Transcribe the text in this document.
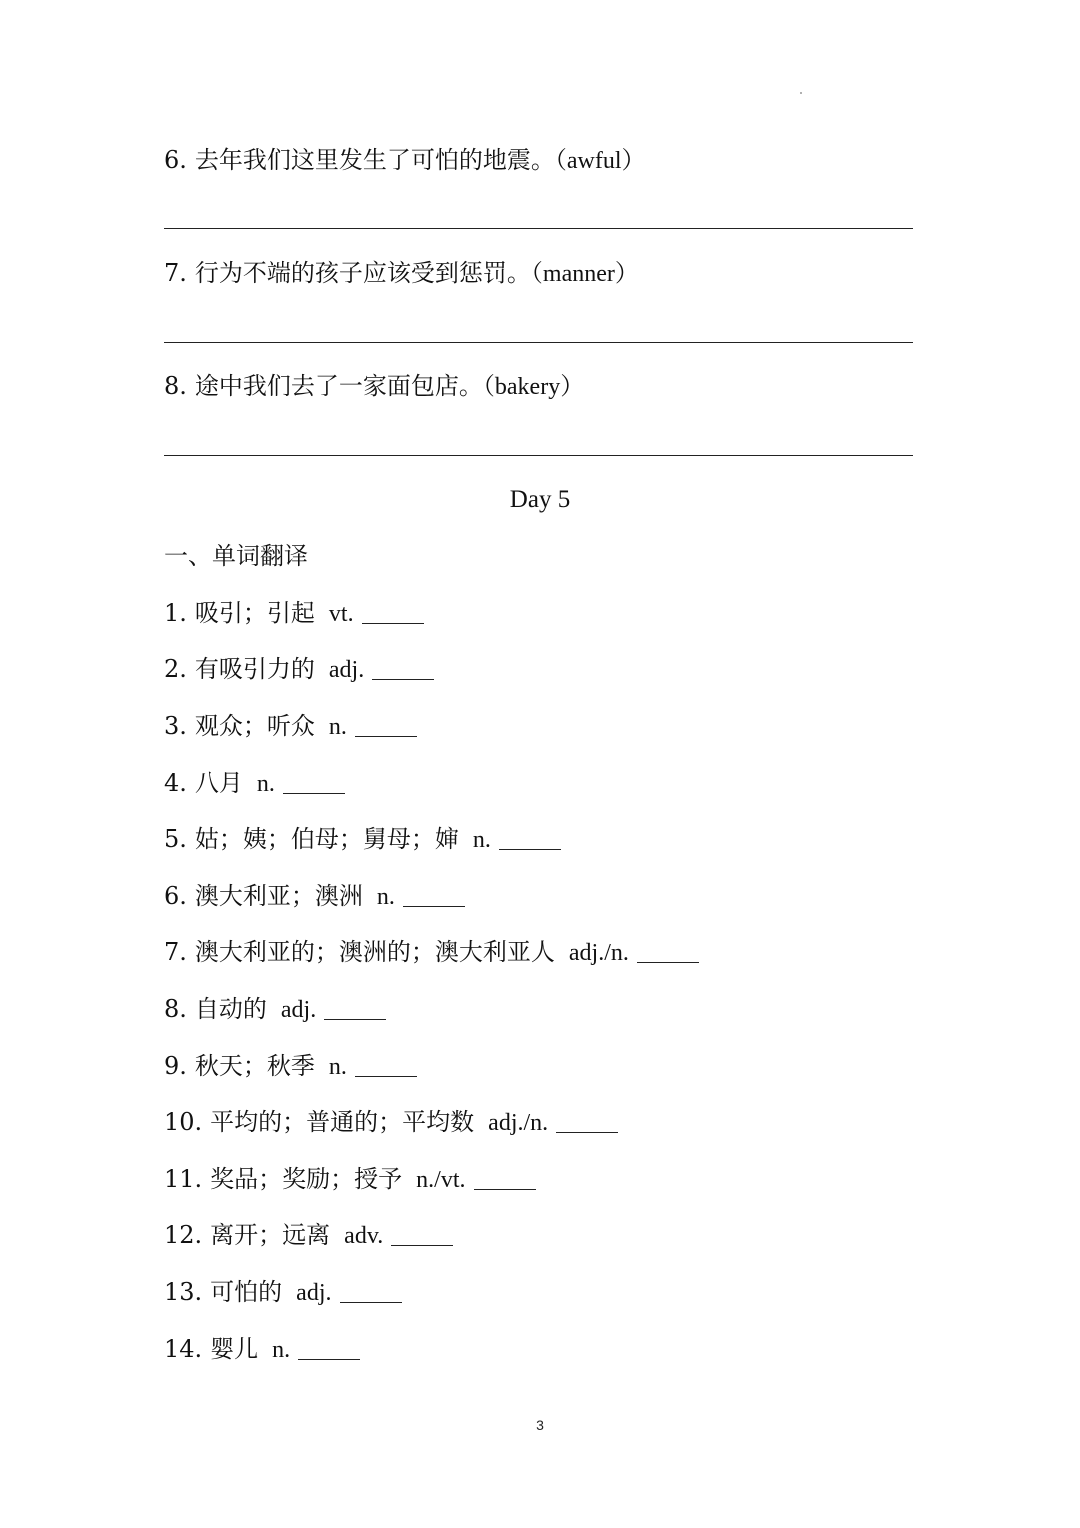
6. 去年我们这里发生了可怕的地震。（awful）
7. 行为不端的孩子应该受到惩罚。（manner）
8. 途中我们去了一家面包店。（bakery）
Day 5
一、单词翻译
1. 吸引；引起 vt.
2. 有吸引力的 adj.
3. 观众；听众 n.
4. 八月 n.
5. 姑；姨；伯母；舅母；婶 n.
6. 澳大利亚；澳洲 n.
7. 澳大利亚的；澳洲的；澳大利亚人 adj./n.
8. 自动的 adj.
9. 秋天；秋季 n.
10. 平均的；普通的；平均数 adj./n.
11. 奖品；奖励；授予 n./vt.
12. 离开；远离 adv.
13. 可怕的 adj.
14. 婴儿 n.
3
